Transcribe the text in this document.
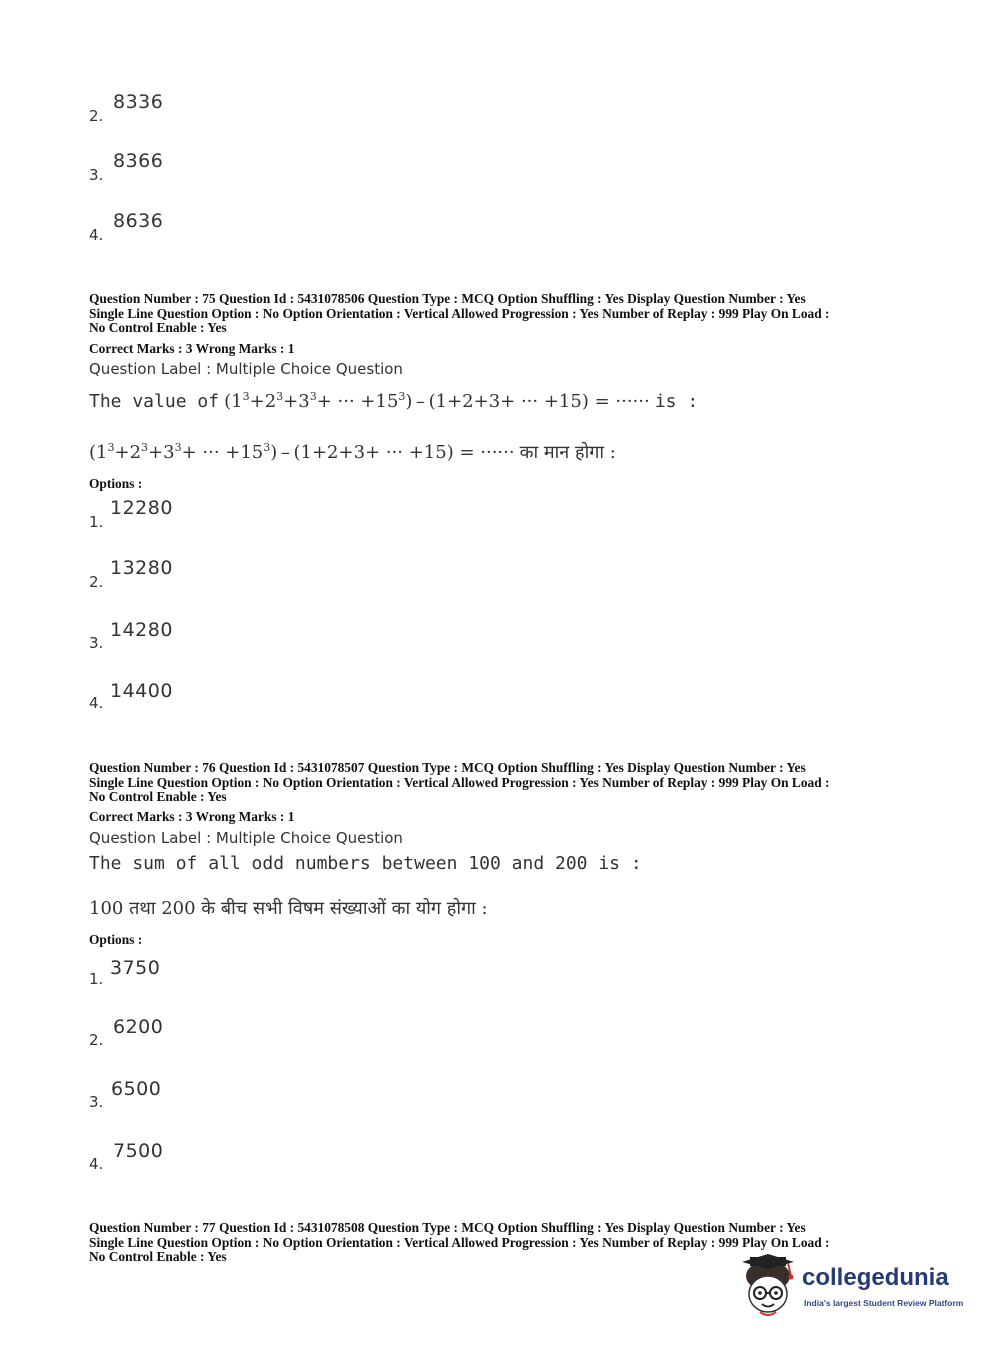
2.
8336
3.
8366
4.
8636
Question Number : 75 Question Id : 5431078506 Question Type : MCQ Option Shuffling : Yes Display Question Number : Yes
Single Line Question Option : No Option Orientation : Vertical Allowed Progression : Yes Number of Replay : 999 Play On Load :
No Control Enable : Yes
Correct Marks : 3 Wrong Marks : 1
Question Label : Multiple Choice Question
The value of ($1^3+2^3+3^3+$ ··· $+15^3) - (1+2+3+$ ··· +15) = ······ is :
($1^3+2^3+3^3+$ ··· $+15^3) - (1+2+3+$ ··· +15) = ······ का मान होगा :
Options :
1.
12280
2.
13280
3.
14280
4.
14400
Question Number : 76 Question Id : 5431078507 Question Type : MCQ Option Shuffling : Yes Display Question Number : Yes
Single Line Question Option : No Option Orientation : Vertical Allowed Progression : Yes Number of Replay : 999 Play On Load :
No Control Enable : Yes
Correct Marks : 3 Wrong Marks : 1
Question Label : Multiple Choice Question
The sum of all odd numbers between 100 and 200 is :
100 तथा 200 के बीच सभी विषम संख्याओं का योग होगा :
Options :
1. 3750
2.
6200
3.
6500
4.
7500
Question Number : 77 Question Id : 5431078508 Question Type : MCQ Option Shuffling : Yes Display Question Number : Yes
Single Line Question Option : No Option Orientation : Vertical Allowed Progression : Yes Number of Replay : 999 Play On Load :
No Control Enable : Yes
collegedunia
India's largest Student Review Platform
